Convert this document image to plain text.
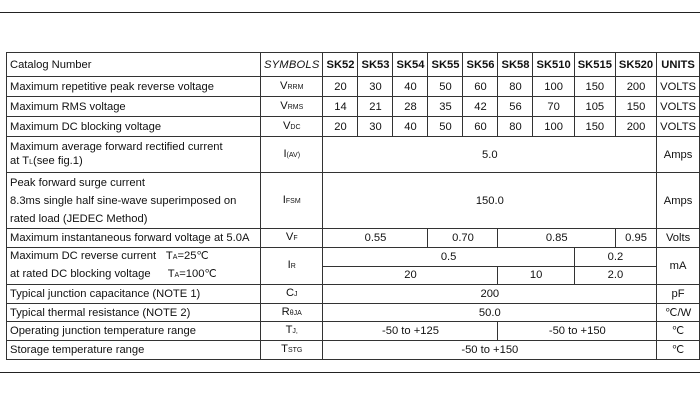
Catalog Number	SYMBOLS	SK52	SK53	SK54	SK55	SK56	SK58	SK510	SK515	SK520	UNITS
Maximum repetitive peak reverse voltage	VRRM	20	30	40	50	60	80	100	150	200	VOLTS
Maximum RMS voltage	VRMS	14	21	28	35	42	56	70	105	150	VOLTS
Maximum DC blocking voltage	VDC	20	30	40	50	60	80	100	150	200	VOLTS

Maximum average forward rectified current
at TL(see fig.1)	I(AV)	5.0									Amps

Peak forward surge current
8.3ms single half sine-wave superimposed on
rated load (JEDEC Method)	IFSM	150.0									Amps
Maximum instantaneous forward voltage at 5.0A	VF	0.55			0.70		0.85			0.95	Volts

Maximum DC reverse current TA=25℃
at rated DC blocking voltage TA=100℃	IR	0.5							0.2		mA
		20					10		2.0		
Typical junction capacitance (NOTE 1)	CJ	200									pF
Typical thermal resistance (NOTE 2)	RθJA	50.0									℃/W
Operating junction temperature range	TJ,	-50 to +125					-50 to +150				℃
Storage temperature range	TSTG	-50 to +150									℃
